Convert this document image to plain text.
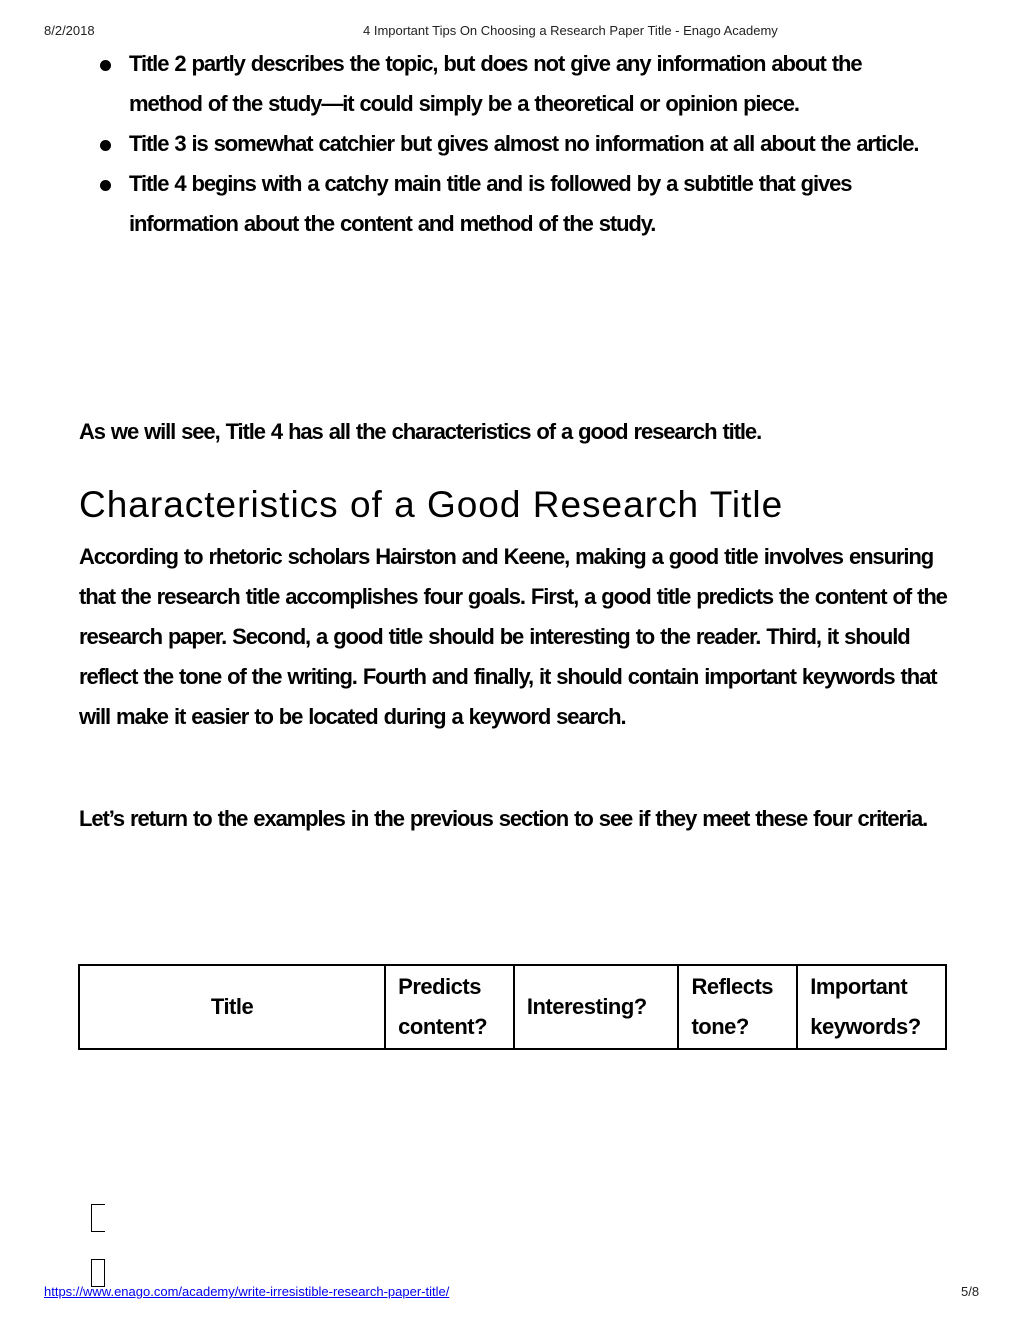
8/2/2018	4 Important Tips On Choosing a Research Paper Title - Enago Academy
Title 2 partly describes the topic, but does not give any information about the method of the study—it could simply be a theoretical or opinion piece.
Title 3 is somewhat catchier but gives almost no information at all about the article.
Title 4 begins with a catchy main title and is followed by a subtitle that gives information about the content and method of the study.

As we will see, Title 4 has all the characteristics of a good research title.

Characteristics of a Good Research Title

According to rhetoric scholars Hairston and Keene, making a good title involves ensuring that the research title accomplishes four goals. First, a good title predicts the content of the research paper. Second, a good title should be interesting to the reader. Third, it should reflect the tone of the writing. Fourth and finally, it should contain important keywords that will make it easier to be located during a keyword search.

Let’s return to the examples in the previous section to see if they meet these four criteria.

Title	Predicts content?	Interesting?	Reflects tone?	Important keywords?
https://www.enago.com/academy/write-irresistible-research-paper-title/	5/8
